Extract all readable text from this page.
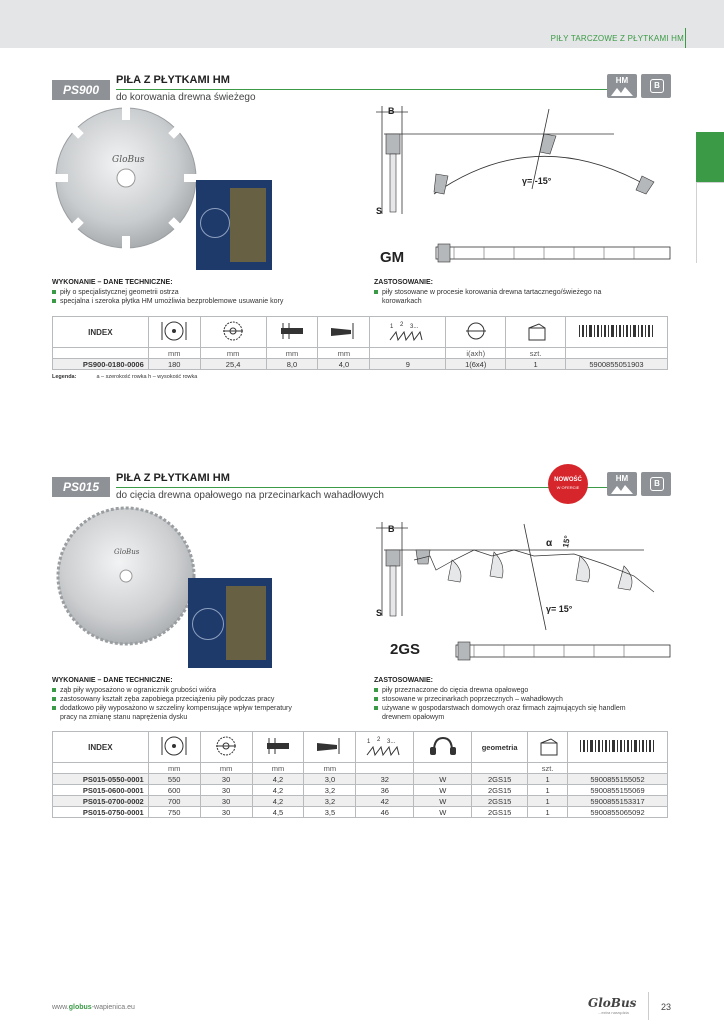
PIŁY TARCZOWE Z PŁYTKAMI HM
PS900
PIŁA Z PŁYTKAMI HM
do korowania drewna świeżego
HM
B
GloBus
B
S
γ= -15°
GM
WYKONANIE – DANE TECHNICZNE:
piły o specjalistycznej geometrii ostrza
specjalna i szeroka płytka HM umożliwia bezproblemowe usuwanie kory
ZASTOSOWANIE:
piły stosowane w procesie korowania drewna tartacznego/świeżego na
korowarkach
INDEX					1 2 3...

	mm	mm	mm	mm		i(axh)	szt.	
PS900-0180-0006	180	25,4	8,0	4,0	9	1(6x4)	1	5900855051903
Legenda:	a – szerokość rowka h – wysokość rowka
PS015
PIŁA Z PŁYTKAMI HM
do cięcia drewna opałowego na przecinarkach wahadłowych
NOWOŚĆ
W OFERCIE
HM
B
GloBus
B
S
α 15°
γ= 15°
2GS
WYKONANIE – DANE TECHNICZNE:
ząb piły wyposażono w ogranicznik grubości wióra
zastosowany kształt zęba zapobiega przeciążeniu piły podczas pracy
dodatkowo piły wyposażono w szczeliny kompensujące wpływ temperatury
pracy na zmianę stanu naprężenia dysku
ZASTOSOWANIE:
piły przeznaczone do cięcia drewna opałowego
stosowane w przecinarkach poprzecznych – wahadłowych
używane w gospodarstwach domowych oraz firmach zajmujących się handlem
drewnem opałowym
INDEX					1 2 3...		geometria		
	mm	mm	mm	mm				szt.	
PS015-0550-0001	550	30	4,2	3,0	32	W	2GS15	1	5900855155052
PS015-0600-0001	600	30	4,2	3,2	36	W	2GS15	1	5900855155069
PS015-0700-0002	700	30	4,2	3,2	42	W	2GS15	1	5900855153317
PS015-0750-0001	750	30	4,5	3,5	46	W	2GS15	1	5900855065092
www.globus-wapienica.eu	GloBus
...extra narzędzia
23
